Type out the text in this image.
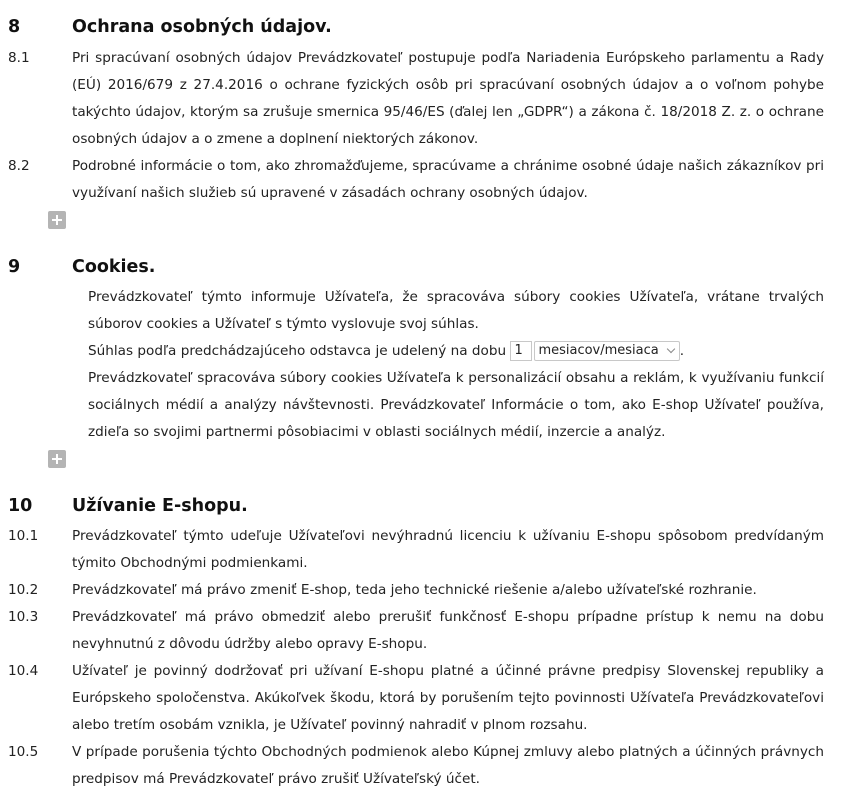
8	Ochrana osobných údajov.
8.1	Pri spracúvaní osobných údajov Prevádzkovateľ postupuje podľa Nariadenia Európskeho parlamentu a Rady (EÚ) 2016/679 z 27.4.2016 o ochrane fyzických osôb pri spracúvaní osobných údajov a o voľnom pohybe takýchto údajov, ktorým sa zrušuje smernica 95/46/ES (ďalej len „GDPR“) a zákona č. 18/2018 Z. z. o ochrane osobných údajov a o zmene a doplnení niektorých zákonov.
8.2	Podrobné informácie o tom, ako zhromažďujeme, spracúvame a chránime osobné údaje našich zákazníkov pri využívaní našich služieb sú upravené v zásadách ochrany osobných údajov.
9	Cookies.
Prevádzkovateľ týmto informuje Užívateľa, že spracováva súbory cookies Užívateľa, vrátane trvalých súborov cookies a Užívateľ s týmto vyslovuje svoj súhlas.
Súhlas podľa predchádzajúceho odstavca je udelený na dobu 1 mesiacov/mesiaca .
Prevádzkovateľ spracováva súbory cookies Užívateľa k personalizácií obsahu a reklám, k využívaniu funkcií sociálnych médií a analýzy návštevnosti. Prevádzkovateľ Informácie o tom, ako E-shop Užívateľ používa, zdieľa so svojimi partnermi pôsobiacimi v oblasti sociálnych médií, inzercie a analýz.
10 Užívanie E-shopu.
10.1 Prevádzkovateľ týmto udeľuje Užívateľovi nevýhradnú licenciu k užívaniu E-shopu spôsobom predvídaným týmito Obchodnými podmienkami.
10.2 Prevádzkovateľ má právo zmeniť E-shop, teda jeho technické riešenie a/alebo užívateľské rozhranie.
10.3 Prevádzkovateľ má právo obmedziť alebo prerušiť funkčnosť E-shopu prípadne prístup k nemu na dobu nevyhnutnú z dôvodu údržby alebo opravy E-shopu.
10.4 Užívateľ je povinný dodržovať pri užívaní E-shopu platné a účinné právne predpisy Slovenskej republiky a Európskeho spoločenstva. Akúkoľvek škodu, ktorá by porušením tejto povinnosti Užívateľa Prevádzkovateľovi alebo tretím osobám vznikla, je Užívateľ povinný nahradiť v plnom rozsahu.
10.5 V prípade porušenia týchto Obchodných podmienok alebo Kúpnej zmluvy alebo platných a účinných právnych predpisov má Prevádzkovateľ právo zrušiť Užívateľský účet.
